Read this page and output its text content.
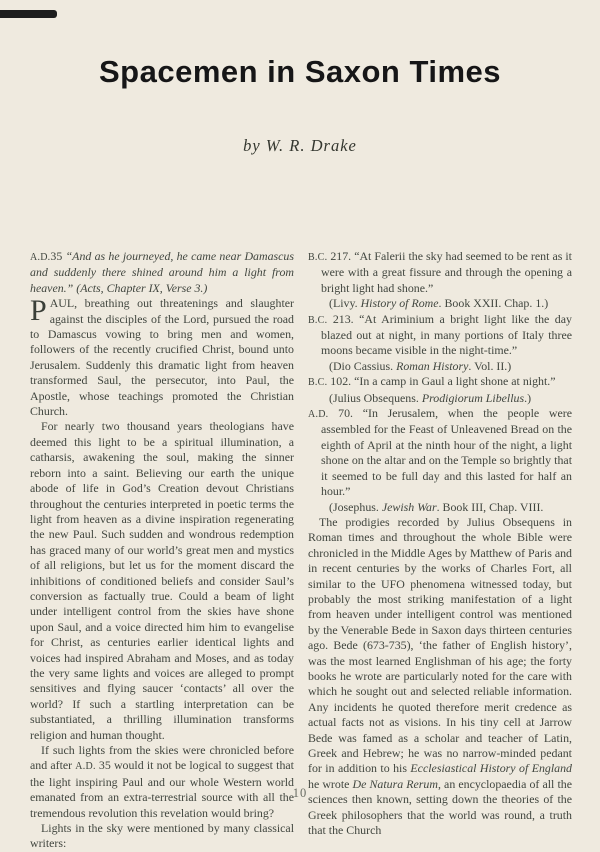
Spacemen in Saxon Times
by W. R. Drake

A.D.35 “And as he journeyed, he came near Damascus and suddenly there shined around him a light from heaven.” (Acts, Chapter IX, Verse 3.)

PAUL, breathing out threatenings and slaughter against the disciples of the Lord, pursued the road to Damascus vowing to bring men and women, followers of the recently crucified Christ, bound unto Jerusalem. Suddenly this dramatic light from heaven transformed Saul, the persecutor, into Paul, the Apostle, whose teachings promoted the Christian Church.

For nearly two thousand years theologians have deemed this light to be a spiritual illumination, a catharsis, awakening the soul, making the sinner reborn into a saint. Believing our earth the unique abode of life in God’s Creation devout Christians throughout the centuries interpreted in poetic terms the light from heaven as a divine inspiration regenerating the new Paul. Such sudden and wondrous redemption has graced many of our world’s great men and mystics of all religions, but let us for the moment discard the inhibitions of conditioned beliefs and consider Saul’s conversion as factually true. Could a beam of light under intelligent control from the skies have shone upon Saul, and a voice directed him him to evangelise for Christ, as centuries earlier identical lights and voices had inspired Abraham and Moses, and as today the very same lights and voices are alleged to prompt sensitives and flying saucer ‘contacts’ all over the world? If such a startling interpretation can be substantiated, a thrilling illumination transforms religion and human thought.

If such lights from the skies were chronicled before and after A.D. 35 would it not be logical to suggest that the light inspiring Paul and our whole Western world emanated from an extra-terrestrial source with all the tremendous revolution this revelation would bring?

Lights in the sky were mentioned by many classical writers:

B.C. 217. “At Falerii the sky had seemed to be rent as it were with a great fissure and through the opening a bright light had shone.”

(Livy. History of Rome. Book XXII. Chap. 1.)

B.C. 213. “At Ariminium a bright light like the day blazed out at night, in many portions of Italy three moons became visible in the night-time.”

(Dio Cassius. Roman History. Vol. II.)

B.C. 102. “In a camp in Gaul a light shone at night.”

(Julius Obsequens. Prodigiorum Libellus.)

A.D. 70. “In Jerusalem, when the people were assembled for the Feast of Unleavened Bread on the eighth of April at the ninth hour of the night, a light shone on the altar and on the Temple so brightly that it seemed to be full day and this lasted for half an hour.”

(Josephus. Jewish War. Book III, Chap. VIII.

The prodigies recorded by Julius Obsequens in Roman times and throughout the whole Bible were chronicled in the Middle Ages by Matthew of Paris and in recent centuries by the works of Charles Fort, all similar to the UFO phenomena witnessed today, but probably the most striking manifestation of a light from heaven under intelligent control was mentioned by the Venerable Bede in Saxon days thirteen centuries ago. Bede (673-735), ‘the father of English history’, was the most learned Englishman of his age; the forty books he wrote are particularly noted for the care with which he sought out and selected reliable information. Any incidents he quoted therefore merit credence as actual facts not as visions. In his tiny cell at Jarrow Bede was famed as a scholar and teacher of Latin, Greek and Hebrew; he was no narrow-minded pedant for in addition to his Ecclesiastical History of England he wrote De Natura Rerum, an encyclopaedia of all the sciences then known, setting down the theories of the Greek philosophers that the world was round, a truth that the Church

10
